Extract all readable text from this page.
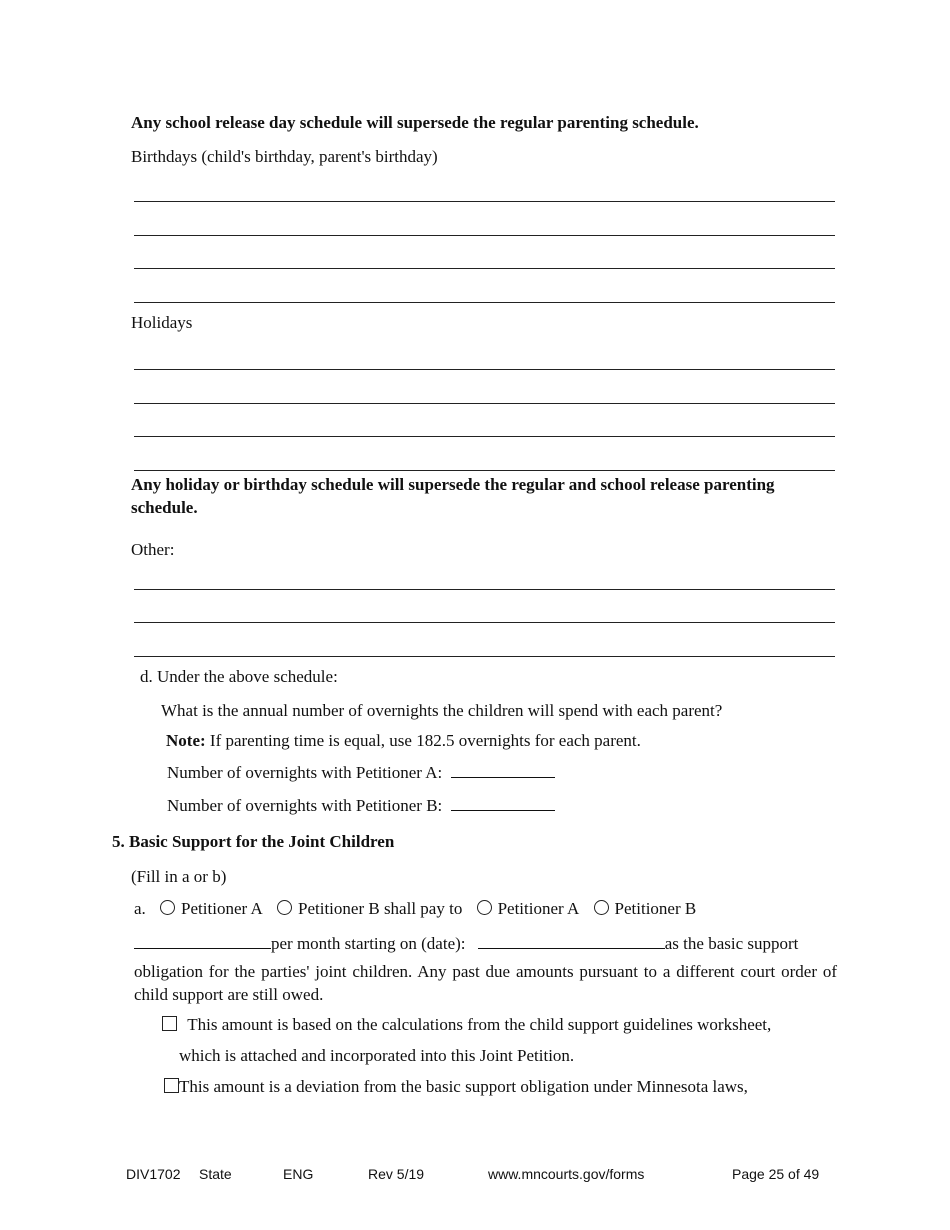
Any school release day schedule will supersede the regular parenting schedule.
Birthdays (child's birthday, parent's birthday)
Holidays
Any holiday or birthday schedule will supersede the regular and school release parenting schedule.
Other:
d. Under the above schedule:
What is the annual number of overnights the children will spend with each parent?
Note: If parenting time is equal, use 182.5 overnights for each parent.
Number of overnights with Petitioner A:
Number of overnights with Petitioner B:
5. Basic Support for the Joint Children
(Fill in a or b)
a. Petitioner A Petitioner B shall pay to Petitioner A Petitioner B
per month starting on (date):	as the basic support
obligation for the parties' joint children. Any past due amounts pursuant to a different court order of child support are still owed.
This amount is based on the calculations from the child support guidelines worksheet,
which is attached and incorporated into this Joint Petition.
This amount is a deviation from the basic support obligation under Minnesota laws,
DIV1702 State	ENG	Rev 5/19	www.mncourts.gov/forms	Page 25 of 49
